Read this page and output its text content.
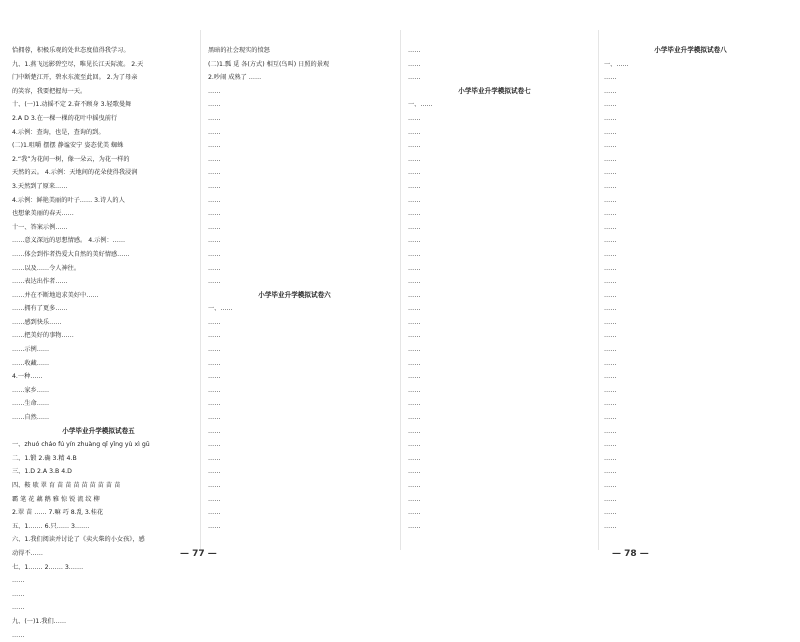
恰拥蓉，积极乐观的处世态度值得我学习。
九、1.燕飞远影碧空尽，唯见长江天际流。 2.天
门中断楚江开，碧水东流至此回。 2.为了母亲
的笑容，我要把握每一天。
十、(一)1.动摇不定 2.奋不顾身 3.轻歌曼舞
2.A D 3.在一棵一棵的花叶中摇曳前行
4.示例：查询，也是，查询的到。
(二)1.咀嚼 摆摆 静谧安宁 姿态优美 蜘蛛
2.“我”为花间一树，像一朵云，为花一样的
天然的云。 4.示例：天地间的花朵使得我浸润
3.天然到了原来……
4.示例：鲜艳美丽的叶子…… 3.诗人的人
也想象美丽的春天……
十一、答案示例……
……意义深远的思想情感。 4.示例：……
……体会到作者热爱大自然的美好情感……
……以及……令人神往。
……表达出作者……
……并在不断地追求美好中……
……拥有了更多……
……感到快乐……
……把美好的事物……
……示例……
……收藏……
4.一种……
……家乡……
……生命……
……自然……
小学毕业升学模拟试卷五
一、zhuó cháo fú yín zhuàng qǐ yǐng yù xì gū
二、1.锻 2.确 3.精 4.B
三、1.D 2.A 3.B 4.D
四、鞍 歇 翠 育 苗 苗 苗 苗 苗 苗 苗 苗
霸 笔 花 藕 鹅 雅 惊 锐 流 纹 柳
2.翠 苗 …… 7.嘛 巧 8.乱 3.桂花
五、1.…… 6.只…… 3.……
六、1.我们阅读并讨论了《卖火柴的小女孩》，感
动得不……
七、1.…… 2.…… 3.……
……
……
……
九、(一)1.我们……
……
黑暗的社会现实的愤怒
(二)1.瓢 觅 各(方式) 相互(鸟叫) 日照的景观
2.吵闹 成熟了 ……
……
……
……
……
……
……
……
……
……
……
……
……
……
……
……
小学毕业升学模拟试卷六
一、……
……
……
……
……
……
……
……
……
……
……
……
……
……
……
……
……
……
……
……
小学毕业升学模拟试卷七
一、……
……
……
……
……
……
……
……
……
……
……
……
……
……
……
……
……
……
……
……
……
……
……
……
……
……
……
……
……
……
……
……
小学毕业升学模拟试卷八
一、……
……
……
……
……
……
……
……
……
……
……
……
……
……
……
……
……
……
……
……
……
……
……
……
……
……
……
……
……
……
……
……
……
……
……
— 77 —	— 78 —
